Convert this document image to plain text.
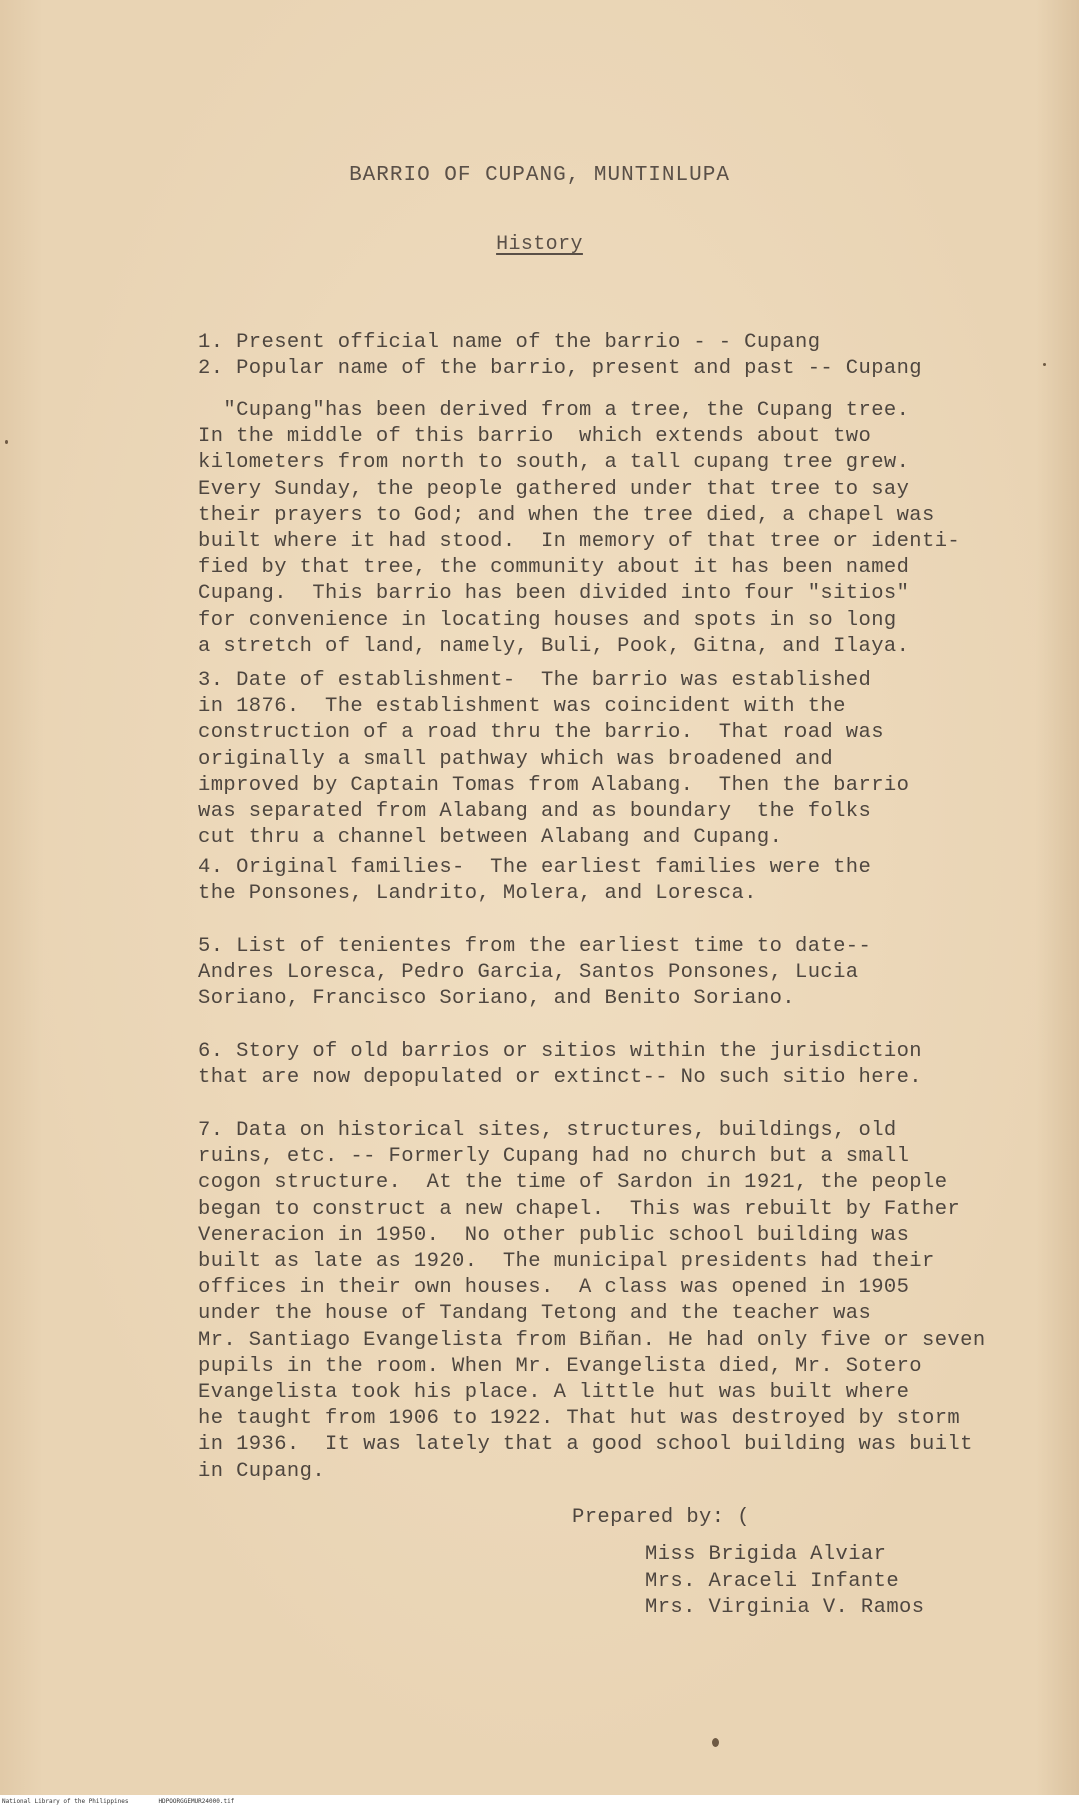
BARRIO OF CUPANG, MUNTINLUPA
History
1. Present official name of the barrio - - Cupang
2. Popular name of the barrio, present and past -- Cupang
"Cupang"has been derived from a tree, the Cupang tree.
In the middle of this barrio  which extends about two
kilometers from north to south, a tall cupang tree grew.
Every Sunday, the people gathered under that tree to say
their prayers to God; and when the tree died, a chapel was
built where it had stood.  In memory of that tree or identi-
fied by that tree, the community about it has been named
Cupang.  This barrio has been divided into four "sitios"
for convenience in locating houses and spots in so long
a stretch of land, namely, Buli, Pook, Gitna, and Ilaya.
3. Date of establishment-  The barrio was established
in 1876.  The establishment was coincident with the
construction of a road thru the barrio.  That road was
originally a small pathway which was broadened and
improved by Captain Tomas from Alabang.  Then the barrio
was separated from Alabang and as boundary  the folks
cut thru a channel between Alabang and Cupang.
4. Original families-  The earliest families were the
the Ponsones, Landrito, Molera, and Loresca.
5. List of tenientes from the earliest time to date--
Andres Loresca, Pedro Garcia, Santos Ponsones, Lucia
Soriano, Francisco Soriano, and Benito Soriano.
6. Story of old barrios or sitios within the jurisdiction
that are now depopulated or extinct-- No such sitio here.
7. Data on historical sites, structures, buildings, old
ruins, etc. -- Formerly Cupang had no church but a small
cogon structure.  At the time of Sardon in 1921, the people
began to construct a new chapel.  This was rebuilt by Father
Veneracion in 1950.  No other public school building was
built as late as 1920.  The municipal presidents had their
offices in their own houses.  A class was opened in 1905
under the house of Tandang Tetong and the teacher was
Mr. Santiago Evangelista from Biñan. He had only five or seven
pupils in the room. When Mr. Evangelista died, Mr. Sotero
Evangelista took his place. A little hut was built where
he taught from 1906 to 1922. That hut was destroyed by storm
in 1936.  It was lately that a good school building was built
in Cupang.
Prepared by: (
Miss Brigida Alviar
Mrs. Araceli Infante
Mrs. Virginia V. Ramos
National Library of the Philippines	HDPOORGGEMUR24000.tif
